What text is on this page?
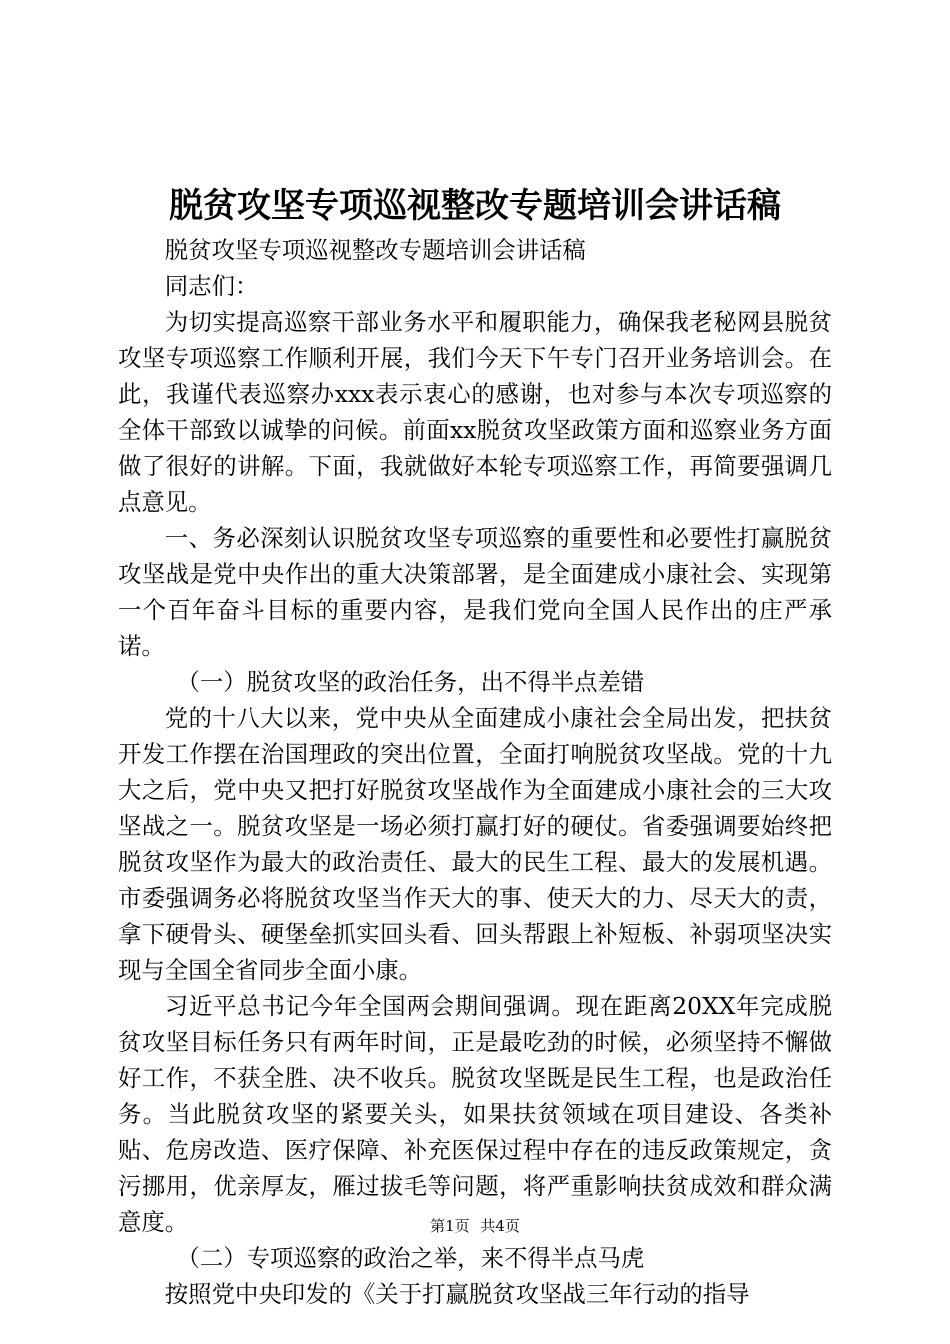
脱贫攻坚专项巡视整改专题培训会讲话稿

脱贫攻坚专项巡视整改专题培训会讲话稿

同志们：

为切实提高巡察干部业务水平和履职能力，确保我老秘网县脱贫攻坚专项巡察工作顺利开展，我们今天下午专门召开业务培训会。在此，我谨代表巡察办xxx表示衷心的感谢，也对参与本次专项巡察的全体干部致以诚挚的问候。前面xx脱贫攻坚政策方面和巡察业务方面做了很好的讲解。下面，我就做好本轮专项巡察工作，再简要强调几点意见。

一、务必深刻认识脱贫攻坚专项巡察的重要性和必要性打赢脱贫攻坚战是党中央作出的重大决策部署，是全面建成小康社会、实现第一个百年奋斗目标的重要内容，是我们党向全国人民作出的庄严承诺。

（一）脱贫攻坚的政治任务，出不得半点差错

党的十八大以来，党中央从全面建成小康社会全局出发，把扶贫开发工作摆在治国理政的突出位置，全面打响脱贫攻坚战。党的十九大之后，党中央又把打好脱贫攻坚战作为全面建成小康社会的三大攻坚战之一。脱贫攻坚是一场必须打赢打好的硬仗。省委强调要始终把脱贫攻坚作为最大的政治责任、最大的民生工程、最大的发展机遇。市委强调务必将脱贫攻坚当作天大的事、使天大的力、尽天大的责，拿下硬骨头、硬堡垒抓实回头看、回头帮跟上补短板、补弱项坚决实现与全国全省同步全面小康。

习近平总书记今年全国两会期间强调。现在距离20XX年完成脱贫攻坚目标任务只有两年时间，正是最吃劲的时候，必须坚持不懈做好工作，不获全胜、决不收兵。脱贫攻坚既是民生工程，也是政治任务。当此脱贫攻坚的紧要关头，如果扶贫领域在项目建设、各类补贴、危房改造、医疗保障、补充医保过程中存在的违反政策规定，贪污挪用，优亲厚友，雁过拔毛等问题，将严重影响扶贫成效和群众满意度。

（二）专项巡察的政治之举，来不得半点马虎

按照党中央印发的《关于打赢脱贫攻坚战三年行动的指导

第1页 共4页
